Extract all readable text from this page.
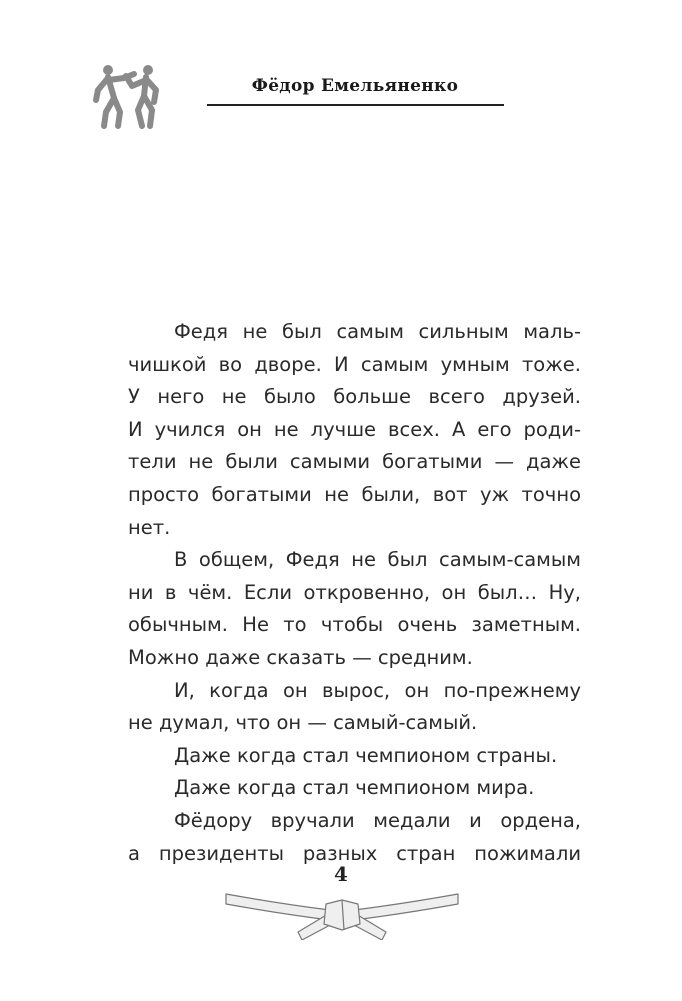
Фёдор Емельяненко
Федя не был самым сильным маль-
чишкой во дворе. И самым умным тоже.
У него не было больше всего друзей.
И учился он не лучше всех. А его роди-
тели не были самыми богатыми — даже
просто богатыми не были, вот уж точно
нет.
В общем, Федя не был самым-самым
ни в чём. Если откровенно, он был… Ну,
обычным. Не то чтобы очень заметным.
Можно даже сказать — средним.
И, когда он вырос, он по-прежнему
не думал, что он — самый-самый.
Даже когда стал чемпионом страны.
Даже когда стал чемпионом мира.
Фёдору вручали медали и ордена,
а президенты разных стран пожимали
4
